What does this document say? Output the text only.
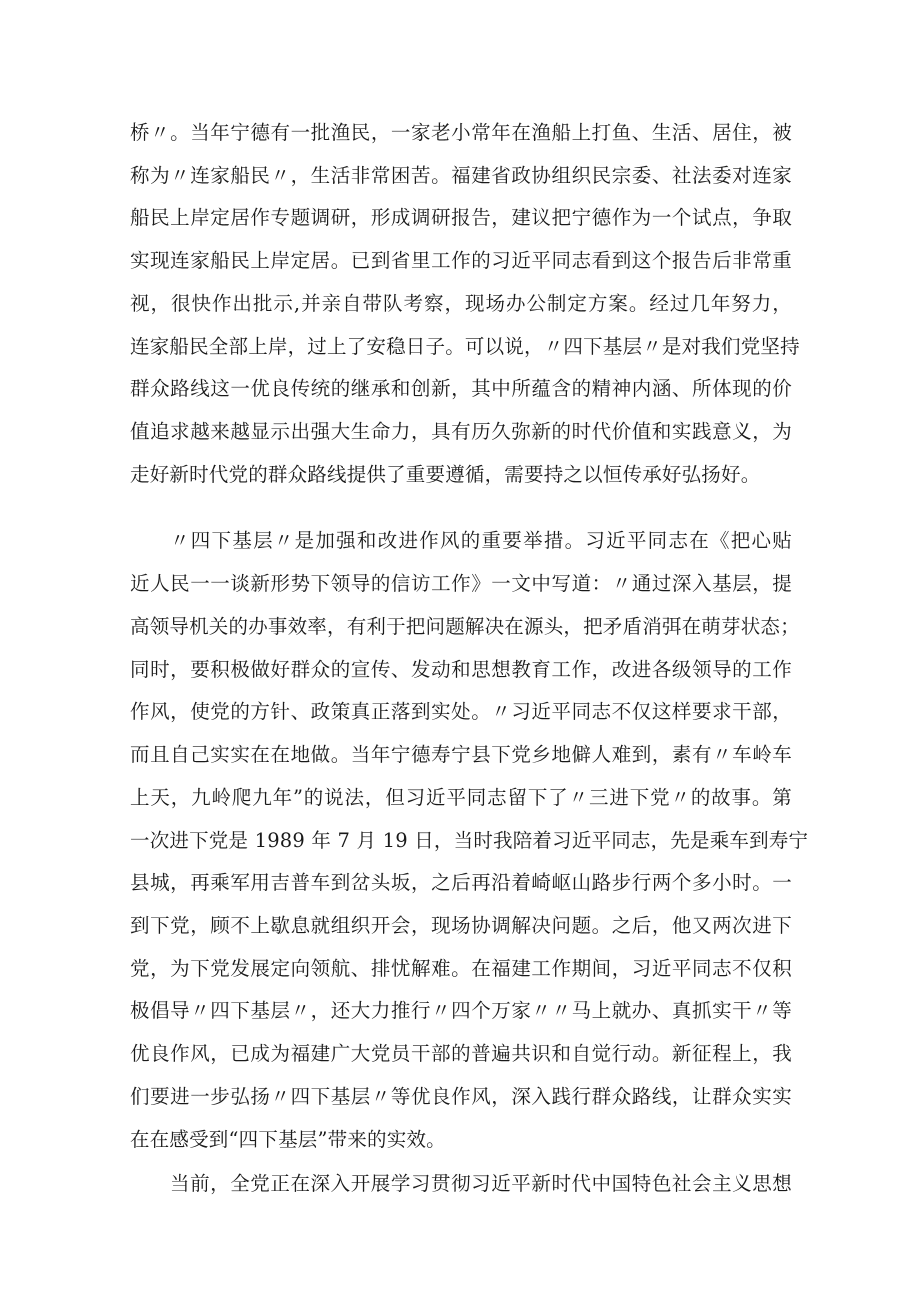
桥〃。当年宁德有一批渔民，一家老小常年在渔船上打鱼、生活、居住，被
称为〃连家船民〃，生活非常困苦。福建省政协组织民宗委、社法委对连家
船民上岸定居作专题调研，形成调研报告，建议把宁德作为一个试点，争取
实现连家船民上岸定居。已到省里工作的习近平同志看到这个报告后非常重
视，很快作出批示,并亲自带队考察，现场办公制定方案。经过几年努力，
连家船民全部上岸，过上了安稳日子。可以说，〃四下基层〃是对我们党坚持
群众路线这一优良传统的继承和创新，其中所蕴含的精神内涵、所体现的价
值追求越来越显示出强大生命力，具有历久弥新的时代价值和实践意义，为
走好新时代党的群众路线提供了重要遵循，需要持之以恒传承好弘扬好。
〃四下基层〃是加强和改进作风的重要举措。习近平同志在《把心贴
近人民一一谈新形势下领导的信访工作》一文中写道：〃通过深入基层，提
高领导机关的办事效率，有利于把问题解决在源头，把矛盾消弭在萌芽状态；
同时，要积极做好群众的宣传、发动和思想教育工作，改进各级领导的工作
作风，使党的方针、政策真正落到实处。〃习近平同志不仅这样要求干部，
而且自己实实在在地做。当年宁德寿宁县下党乡地僻人难到，素有〃车岭车
上天，九岭爬九年”的说法，但习近平同志留下了〃三进下党〃的故事。第
一次进下党是 1989 年 7 月 19 日，当时我陪着习近平同志，先是乘车到寿宁
县城，再乘军用吉普车到岔头坂，之后再沿着崎岖山路步行两个多小时。一
到下党，顾不上歇息就组织开会，现场协调解决问题。之后，他又两次进下
党，为下党发展定向领航、排忧解难。在福建工作期间，习近平同志不仅积
极倡导〃四下基层〃，还大力推行〃四个万家〃〃马上就办、真抓实干〃等
优良作风，已成为福建广大党员干部的普遍共识和自觉行动。新征程上，我
们要进一步弘扬〃四下基层〃等优良作风，深入践行群众路线，让群众实实
在在感受到“四下基层”带来的实效。
当前，全党正在深入开展学习贯彻习近平新时代中国特色社会主义思想
